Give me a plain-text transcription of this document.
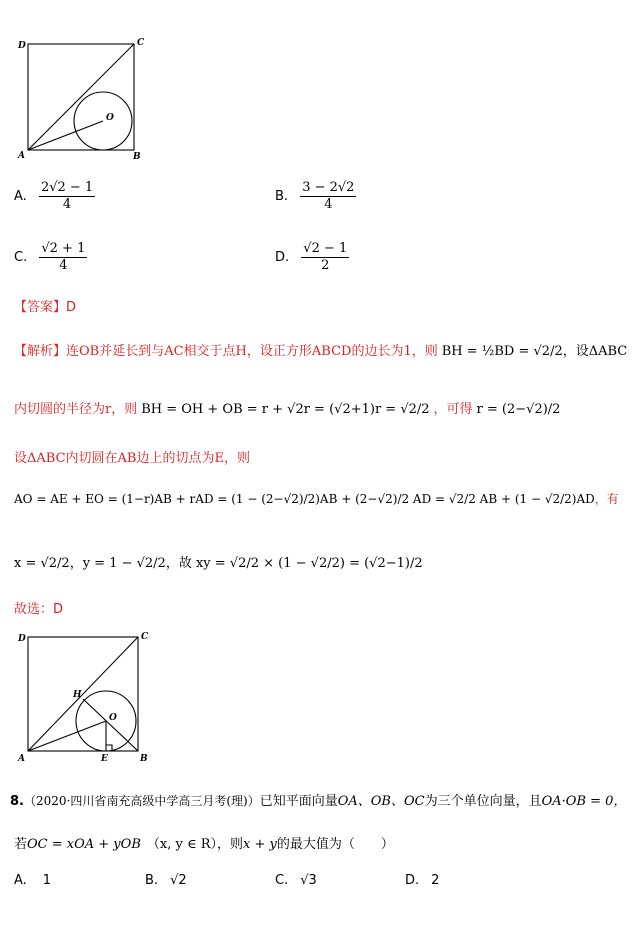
D	C
A	B
O
A. $\frac{2√2 - 1}{4}$	B. $\frac{3 - 2√2}{4}$
C. $\frac{√2 + 1}{4}$	D. $\frac{√2 - 1}{2}$
【答案】D
【解析】连OB并延长到与AC相交于点H，设正方形ABCD的边长为1，则 BH = ½BD = √2/2，设ΔABC
内切圆的半径为r，则 BH = OH + OB = r + √2r = (√2+1)r = √2/2 ，可得 r = (2−√2)/2
设ΔABC内切圆在AB边上的切点为E，则
AO = AE + EO = (1−r)AB + rAD = (1 − (2−√2)/2)AB + (2−√2)/2 AD = √2/2 AB + (1 − √2/2)AD，有
x = √2/2，y = 1 − √2/2，故 xy = √2/2 × (1 − √2/2) = (√2−1)/2
故选：D
D	C
A	B
O
H
E
8.（2020·四川省南充高级中学高三月考(理)）已知平面向量OA、OB、OC为三个单位向量，且OA·OB = 0，
若OC = xOA + yOB （x, y ∈ R），则x + y的最大值为（　　）
A. 1	B. √2	C. √3	D. 2
